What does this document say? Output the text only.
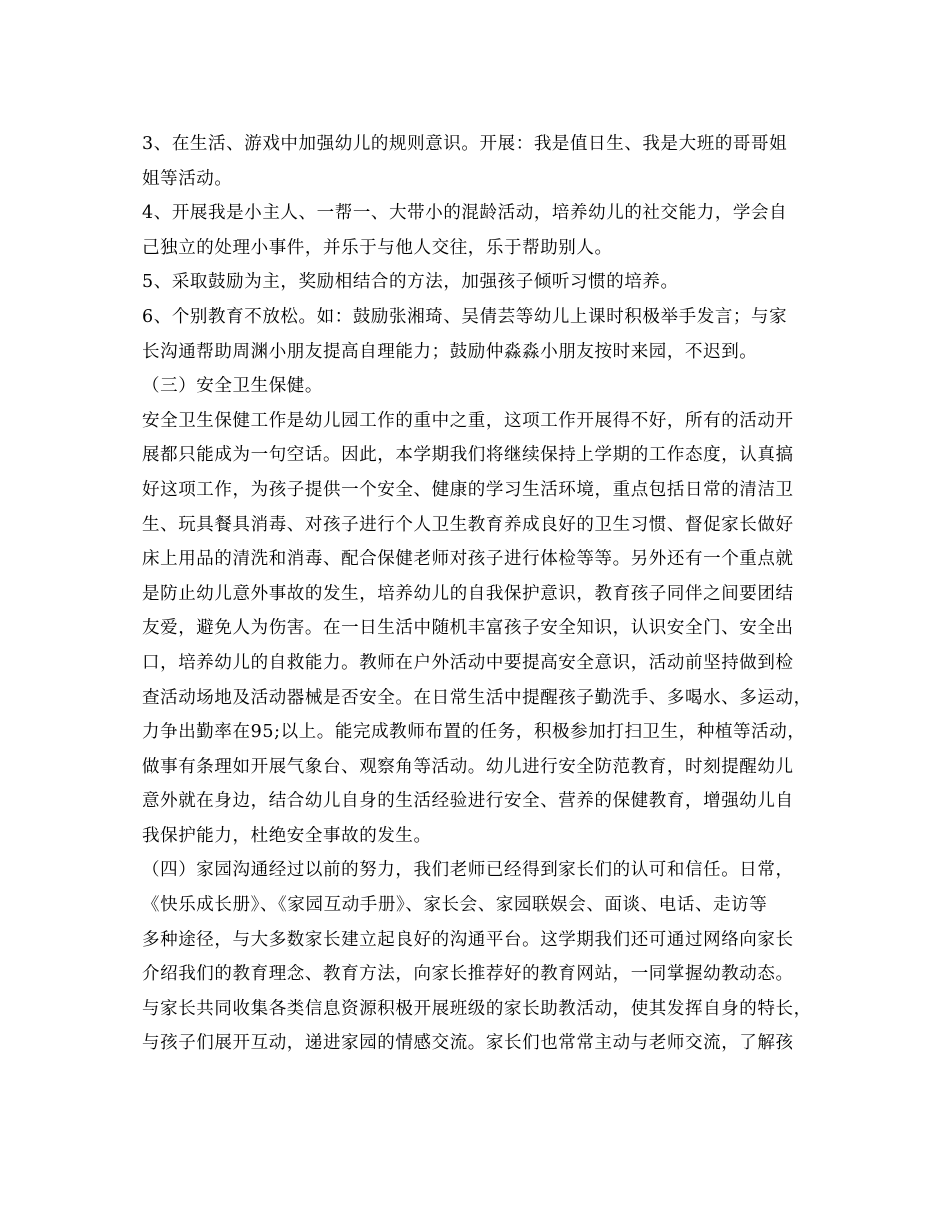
3、在生活、游戏中加强幼儿的规则意识。开展：我是值日生、我是大班的哥哥姐
姐等活动。
4、开展我是小主人、一帮一、大带小的混龄活动，培养幼儿的社交能力，学会自
己独立的处理小事件，并乐于与他人交往，乐于帮助别人。
5、采取鼓励为主，奖励相结合的方法，加强孩子倾听习惯的培养。
6、个别教育不放松。如：鼓励张湘琦、吴倩芸等幼儿上课时积极举手发言；与家
长沟通帮助周渊小朋友提高自理能力；鼓励仲淼淼小朋友按时来园，不迟到。
（三）安全卫生保健。
安全卫生保健工作是幼儿园工作的重中之重，这项工作开展得不好，所有的活动开
展都只能成为一句空话。因此，本学期我们将继续保持上学期的工作态度，认真搞
好这项工作，为孩子提供一个安全、健康的学习生活环境，重点包括日常的清洁卫
生、玩具餐具消毒、对孩子进行个人卫生教育养成良好的卫生习惯、督促家长做好
床上用品的清洗和消毒、配合保健老师对孩子进行体检等等。另外还有一个重点就
是防止幼儿意外事故的发生，培养幼儿的自我保护意识，教育孩子同伴之间要团结
友爱，避免人为伤害。在一日生活中随机丰富孩子安全知识，认识安全门、安全出
口，培养幼儿的自救能力。教师在户外活动中要提高安全意识，活动前坚持做到检
查活动场地及活动器械是否安全。在日常生活中提醒孩子勤洗手、多喝水、多运动，
力争出勤率在95;以上。能完成教师布置的任务，积极参加打扫卫生，种植等活动，
做事有条理如开展气象台、观察角等活动。幼儿进行安全防范教育，时刻提醒幼儿
意外就在身边，结合幼儿自身的生活经验进行安全、营养的保健教育，增强幼儿自
我保护能力，杜绝安全事故的发生。
（四）家园沟通经过以前的努力，我们老师已经得到家长们的认可和信任。日常，
《快乐成长册》、《家园互动手册》、家长会、家园联娱会、面谈、电话、走访等
多种途径，与大多数家长建立起良好的沟通平台。这学期我们还可通过网络向家长
介绍我们的教育理念、教育方法，向家长推荐好的教育网站，一同掌握幼教动态。
与家长共同收集各类信息资源积极开展班级的家长助教活动，使其发挥自身的特长，
与孩子们展开互动，递进家园的情感交流。家长们也常常主动与老师交流，了解孩
